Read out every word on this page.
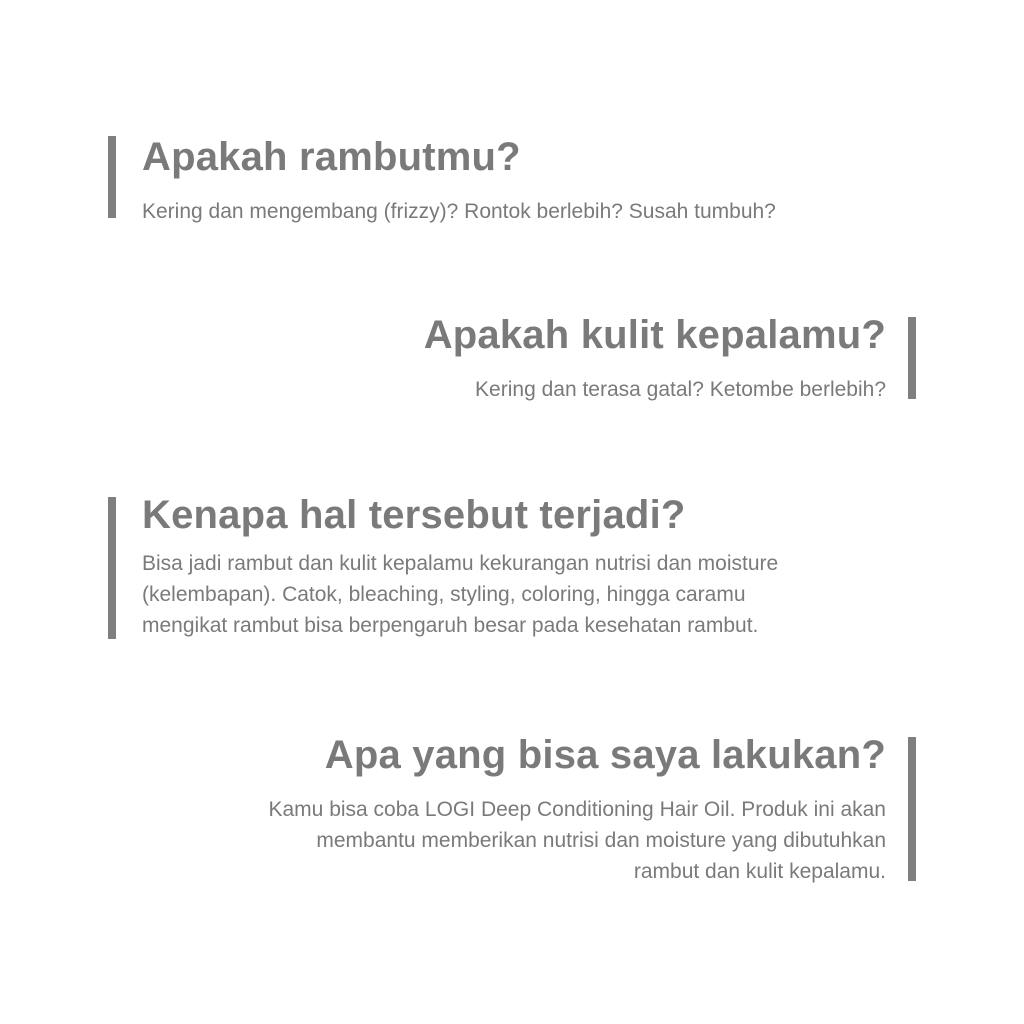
Apakah rambutmu?

Kering dan mengembang (frizzy)? Rontok berlebih? Susah tumbuh?

Apakah kulit kepalamu?

Kering dan terasa gatal? Ketombe berlebih?

Kenapa hal tersebut terjadi?

Bisa jadi rambut dan kulit kepalamu kekurangan nutrisi dan moisture
(kelembapan). Catok, bleaching, styling, coloring, hingga caramu
mengikat rambut bisa berpengaruh besar pada kesehatan rambut.

Apa yang bisa saya lakukan?

Kamu bisa coba LOGI Deep Conditioning Hair Oil. Produk ini akan
membantu memberikan nutrisi dan moisture yang dibutuhkan
rambut dan kulit kepalamu.
